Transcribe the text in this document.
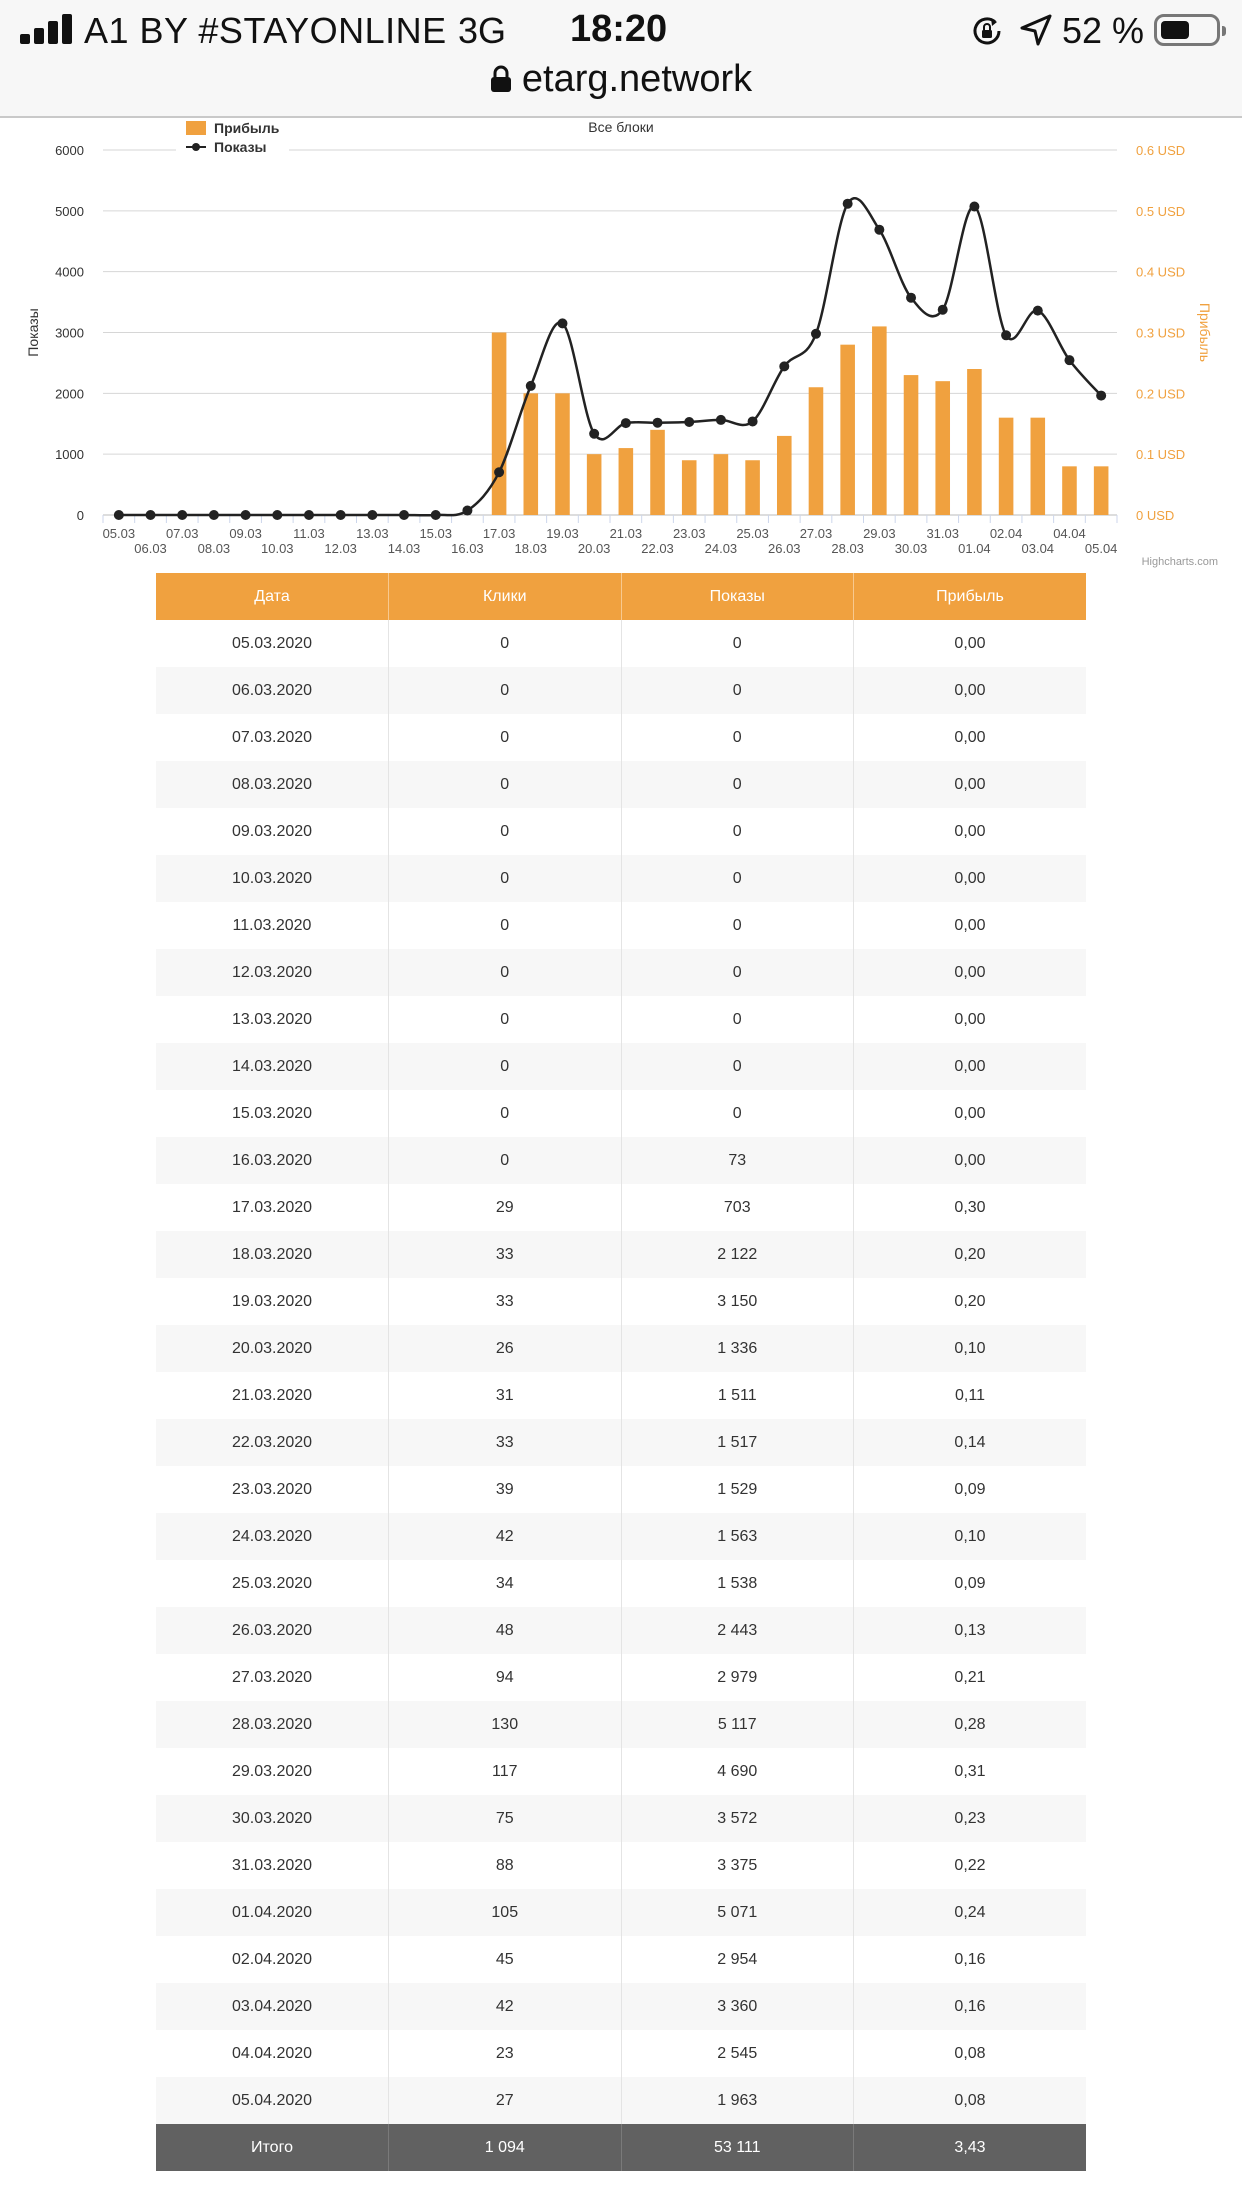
A1 BY #STAYONLINE 3G 18:20	52 %
etarg.network
Все блоки
0
1000
2000
3000
4000
5000
6000
0 USD
0.1 USD
0.2 USD
0.3 USD
0.4 USD
0.5 USD
0.6 USD
Показы	Прибыль
05.03
06.03
07.03
08.03
09.03
10.03
11.03
12.03
13.03
14.03
15.03
16.03
17.03
18.03
19.03
20.03
21.03
22.03
23.03
24.03
25.03
26.03
27.03
28.03
29.03
30.03
31.03
01.04
02.04
03.04
04.04
05.04
Прибыль
Показы
Highcharts.com
Дата	Клики	Показы	Прибыль
05.03.2020	0	0	0,00
06.03.2020	0	0	0,00
07.03.2020	0	0	0,00
08.03.2020	0	0	0,00
09.03.2020	0	0	0,00
10.03.2020	0	0	0,00
11.03.2020	0	0	0,00
12.03.2020	0	0	0,00
13.03.2020	0	0	0,00
14.03.2020	0	0	0,00
15.03.2020	0	0	0,00
16.03.2020	0	73	0,00
17.03.2020	29	703	0,30
18.03.2020	33	2 122	0,20
19.03.2020	33	3 150	0,20
20.03.2020	26	1 336	0,10
21.03.2020	31	1 511	0,11
22.03.2020	33	1 517	0,14
23.03.2020	39	1 529	0,09
24.03.2020	42	1 563	0,10
25.03.2020	34	1 538	0,09
26.03.2020	48	2 443	0,13
27.03.2020	94	2 979	0,21
28.03.2020	130	5 117	0,28
29.03.2020	117	4 690	0,31
30.03.2020	75	3 572	0,23
31.03.2020	88	3 375	0,22
01.04.2020	105	5 071	0,24
02.04.2020	45	2 954	0,16
03.04.2020	42	3 360	0,16
04.04.2020	23	2 545	0,08
05.04.2020	27	1 963	0,08
Итого	1 094	53 111	3,43
